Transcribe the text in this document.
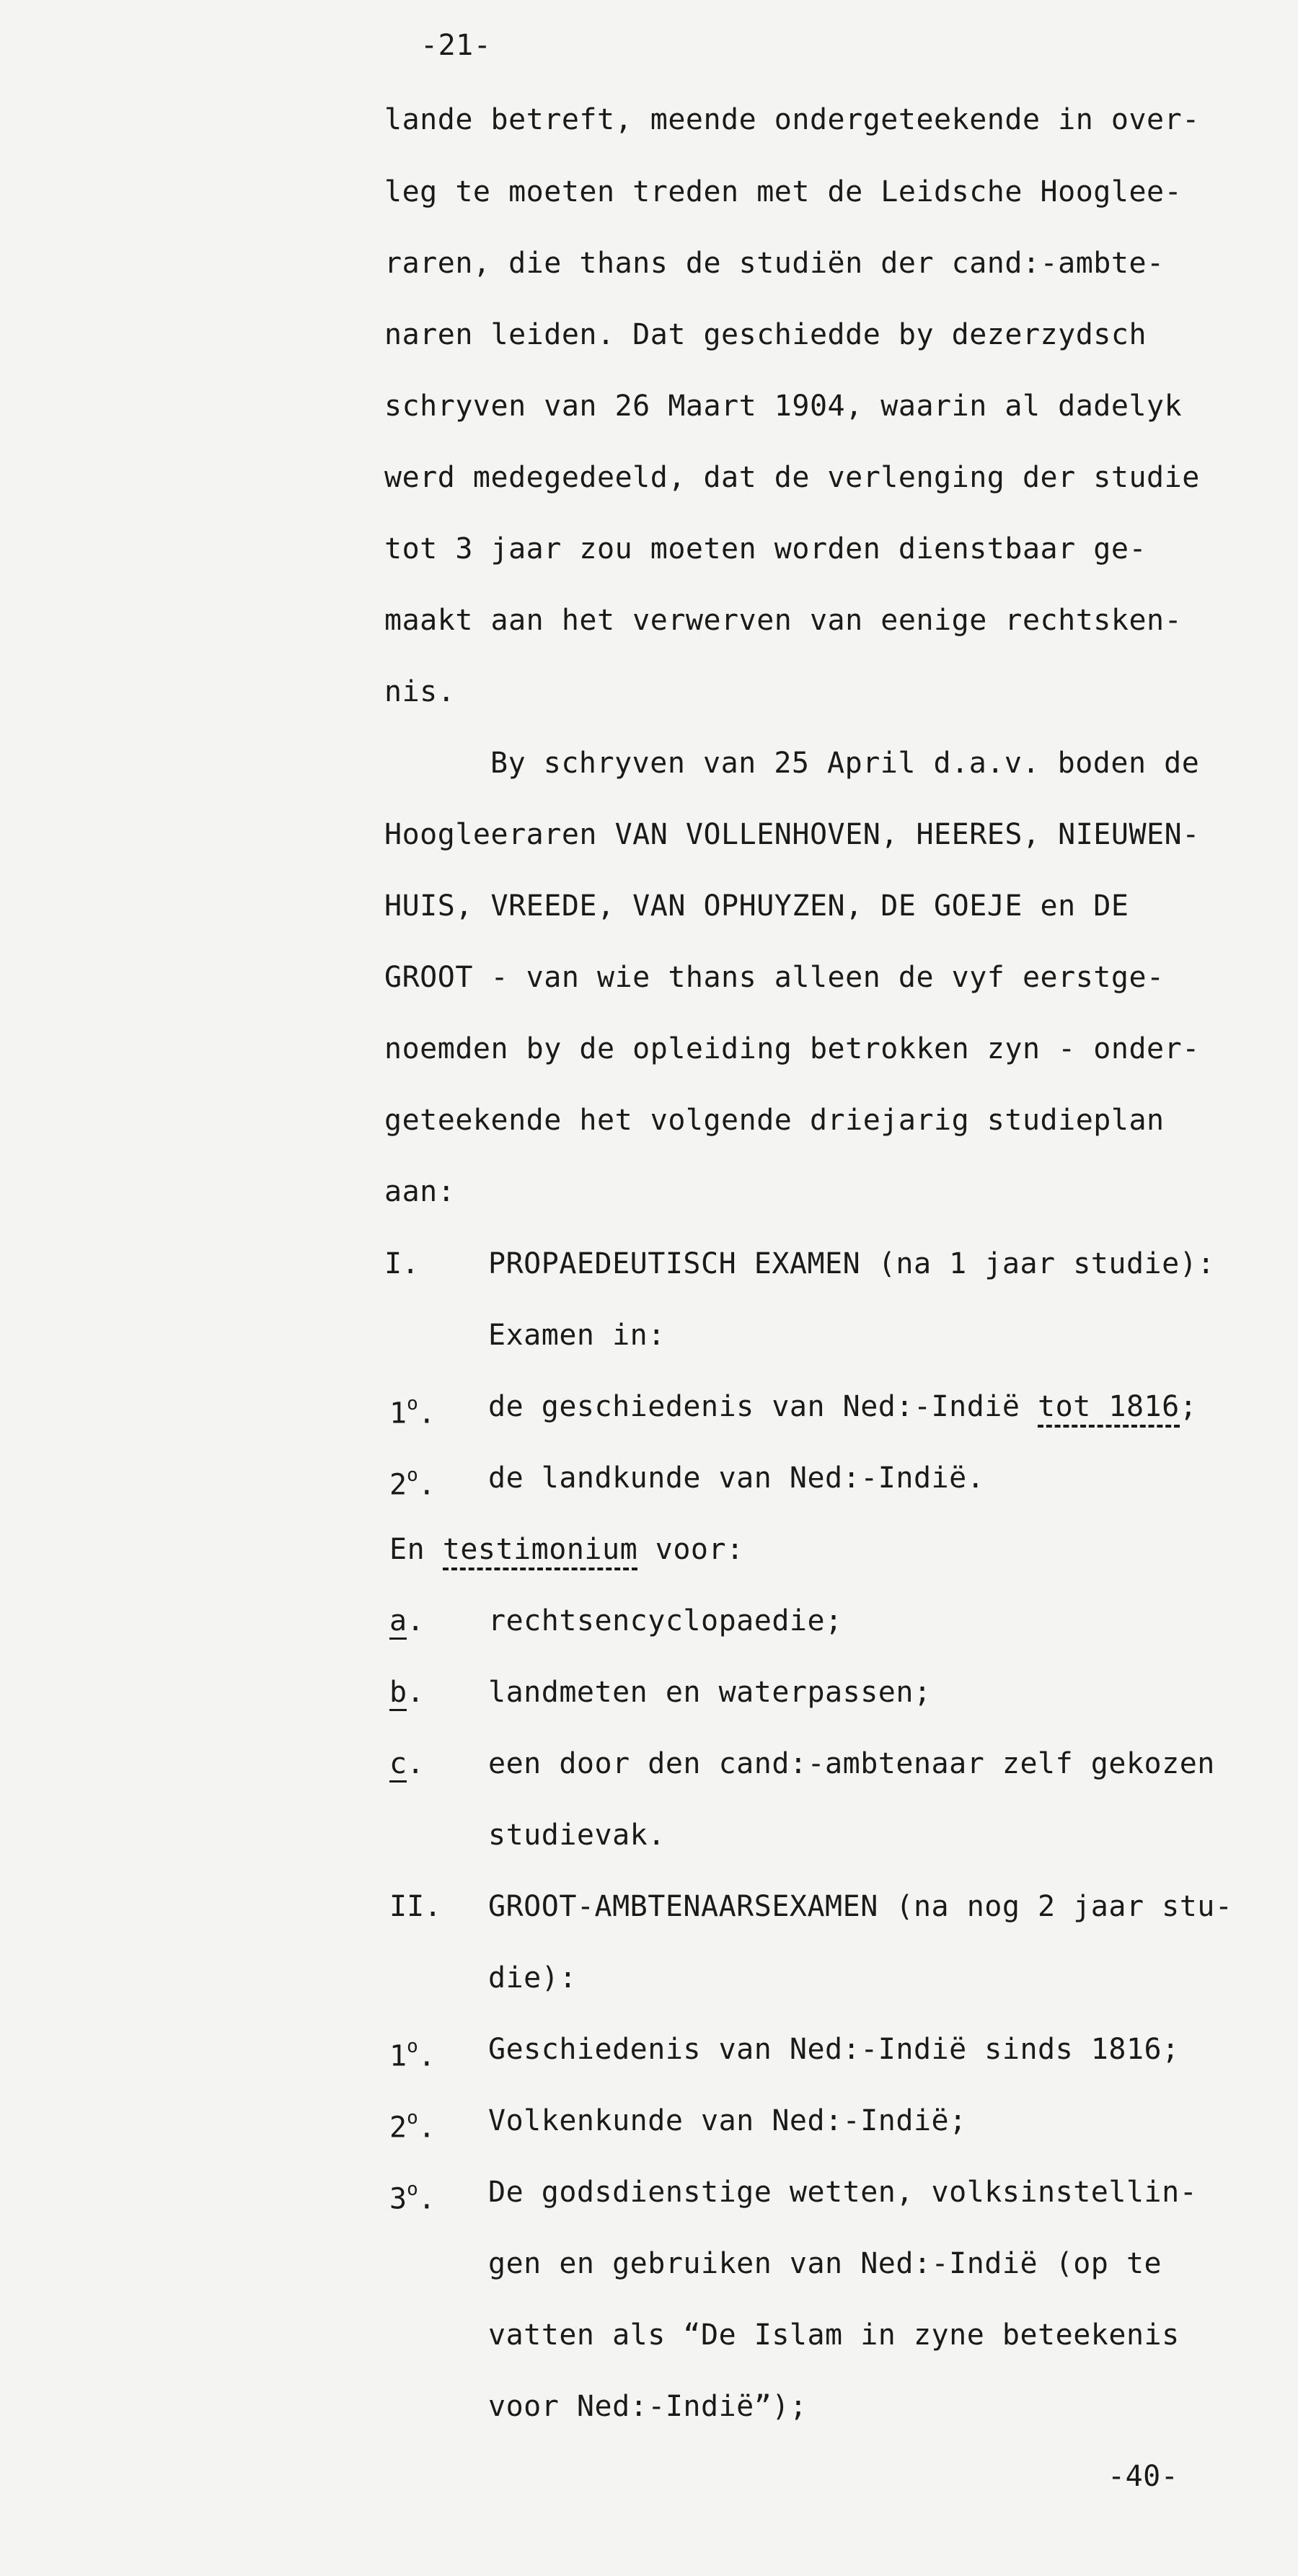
-21-
lande betreft, meende ondergeteekende in over-
leg te moeten treden met de Leidsche Hooglee-
raren, die thans de studiën der cand:-ambte-
naren leiden. Dat geschiedde by dezerzydsch
schryven van 26 Maart 1904, waarin al dadelyk
werd medegedeeld, dat de verlenging der studie
tot 3 jaar zou moeten worden dienstbaar ge-
maakt aan het verwerven van eenige rechtsken-
nis.
By schryven van 25 April d.a.v. boden de
Hoogleeraren VAN VOLLENHOVEN, HEERES, NIEUWEN-
HUIS, VREEDE, VAN OPHUYZEN, DE GOEJE en DE
GROOT - van wie thans alleen de vyf eerstge-
noemden by de opleiding betrokken zyn - onder-
geteekende het volgende driejarig studieplan
aan:
I. PROPAEDEUTISCH EXAMEN (na 1 jaar studie):
Examen in:
1$^o$. de geschiedenis van Ned:-Indië tot 1816;
2$^o$. de landkunde van Ned:-Indië.
En testimonium voor:
a. rechtsencyclopaedie;
b. landmeten en waterpassen;
c. een door den cand:-ambtenaar zelf gekozen
studievak.
II. GROOT-AMBTENAARSEXAMEN (na nog 2 jaar stu-
die):
1$^o$. Geschiedenis van Ned:-Indië sinds 1816;
2$^o$. Volkenkunde van Ned:-Indië;
3$^o$. De godsdienstige wetten, volksinstellin-
gen en gebruiken van Ned:-Indië (op te
vatten als “De Islam in zyne beteekenis
voor Ned:-Indië”);
-40-
